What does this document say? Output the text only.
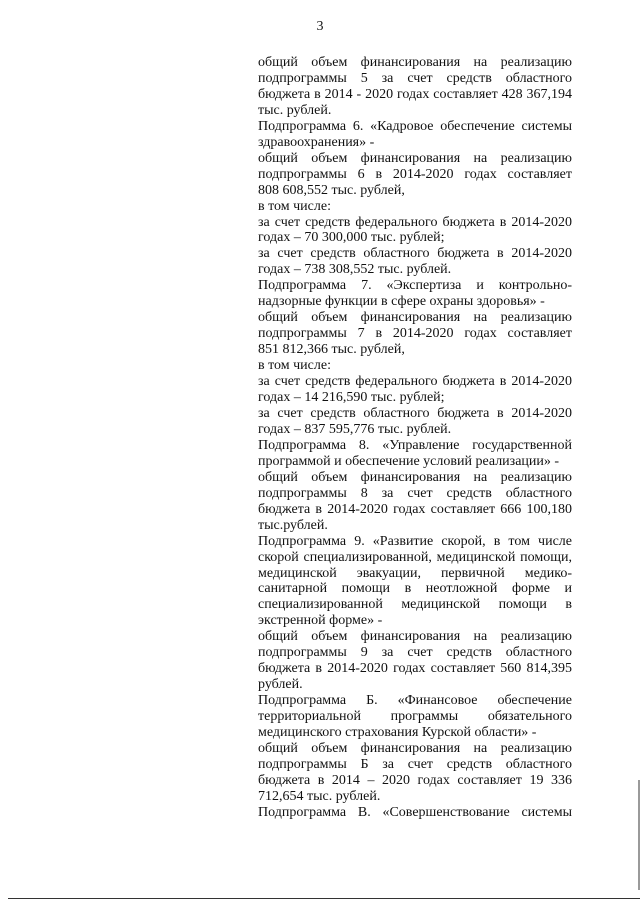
3
общий объем финансирования на реализацию
подпрограммы 5 за счет средств областного
бюджета в 2014 - 2020 годах составляет 428 367,194
тыс. рублей.
Подпрограмма 6. «Кадровое обеспечение системы
здравоохранения» -
общий объем финансирования на реализацию
подпрограммы 6 в 2014-2020 годах составляет
808 608,552 тыс. рублей,
в том числе:
за счет средств федерального бюджета в 2014-2020
годах – 70 300,000 тыс. рублей;
за счет средств областного бюджета в 2014-2020
годах – 738 308,552 тыс. рублей.
Подпрограмма 7. «Экспертиза и контрольно-
надзорные функции в сфере охраны здоровья» -
общий объем финансирования на реализацию
подпрограммы 7 в 2014-2020 годах составляет
851 812,366 тыс. рублей,
в том числе:
за счет средств федерального бюджета в 2014-2020
годах – 14 216,590 тыс. рублей;
за счет средств областного бюджета в 2014-2020
годах – 837 595,776 тыс. рублей.
Подпрограмма 8. «Управление государственной
программой и обеспечение условий реализации» -
общий объем финансирования на реализацию
подпрограммы 8 за счет средств областного
бюджета в 2014-2020 годах составляет 666 100,180
тыс.рублей.
Подпрограмма 9. «Развитие скорой, в том числе
скорой специализированной, медицинской помощи,
медицинской эвакуации, первичной медико-
санитарной помощи в неотложной форме и
специализированной медицинской помощи в
экстренной форме» -
общий объем финансирования на реализацию
подпрограммы 9 за счет средств областного
бюджета в 2014-2020 годах составляет 560 814,395
рублей.
Подпрограмма Б. «Финансовое обеспечение
территориальной программы обязательного
медицинского страхования Курской области» -
общий объем финансирования на реализацию
подпрограммы Б за счет средств областного
бюджета в 2014 – 2020 годах составляет 19 336
712,654 тыс. рублей.
Подпрограмма В. «Совершенствование системы
